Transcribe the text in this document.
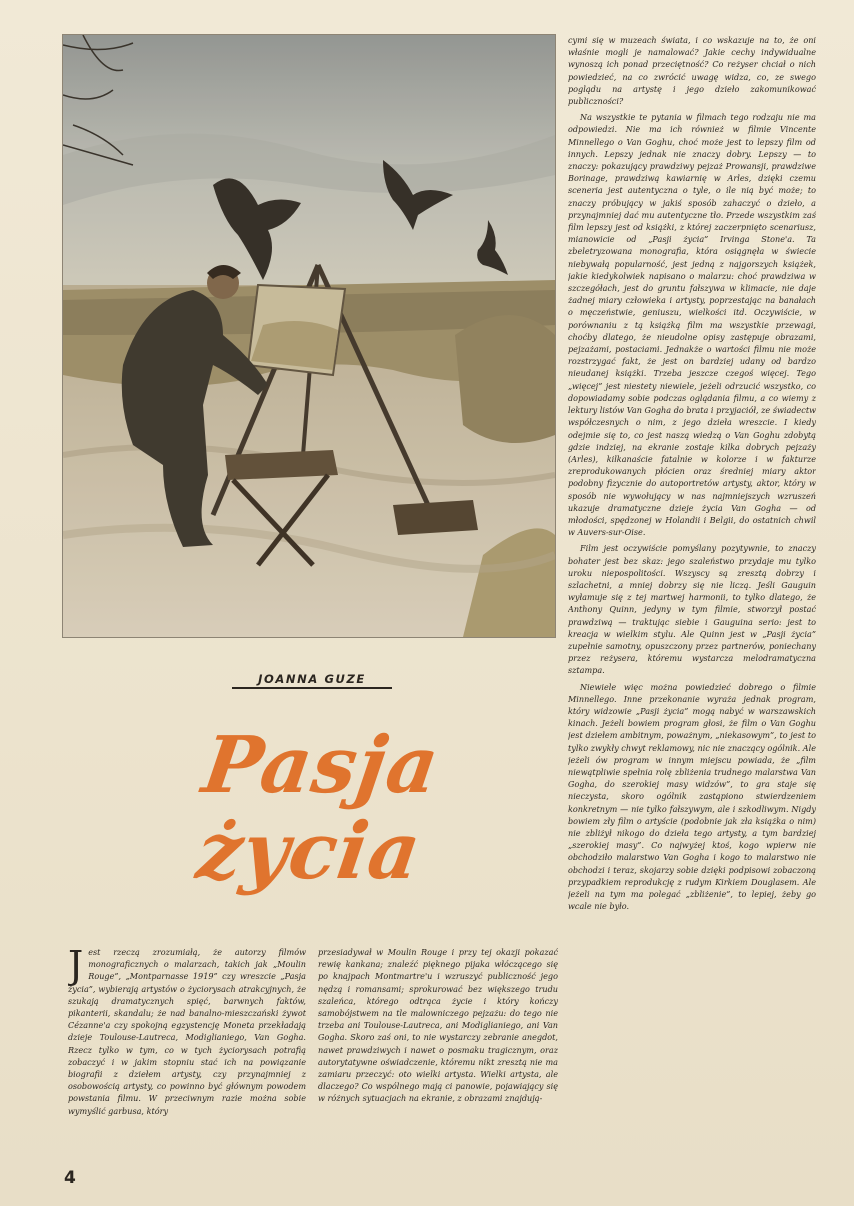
cymi się w muzeach świata, i co wskazuje na to, że oni właśnie mogli je namalować? Jakie cechy indywidualne wynoszą ich ponad przeciętność? Co reżyser chciał o nich powiedzieć, na co zwrócić uwagę widza, co, ze swego poglądu na artystę i jego dzieło zakomunikować publiczności?

Na wszystkie te pytania w filmach tego rodzaju nie ma odpowiedzi. Nie ma ich również w filmie Vincente Minnellego o Van Goghu, choć może jest to lepszy film od innych. Lepszy jednak nie znaczy dobry. Lepszy — to znaczy: pokazujący prawdziwy pejzaż Prowansji, prawdziwe Borinage, prawdziwą kawiarnię w Arles, dzięki czemu sceneria jest autentyczna o tyle, o ile nią być może; to znaczy próbujący w jakiś sposób zahaczyć o dzieło, a przynajmniej dać mu autentyczne tło. Przede wszystkim zaś film lepszy jest od książki, z której zaczerpnięto scenariusz, mianowicie od „Pasji życia” Irvinga Stone'a. Ta zbeletryzowana monografia, która osiągnęła w świecie niebywałą popularność, jest jedną z najgorszych książek, jakie kiedykolwiek napisano o malarzu: choć prawdziwa w szczegółach, jest do gruntu fałszywa w klimacie, nie daje żadnej miary człowieka i artysty, poprzestając na banałach o męczeństwie, geniuszu, wielkości itd. Oczywiście, w porównaniu z tą książką film ma wszystkie przewagi, choćby dlatego, że nieudolne opisy zastępuje obrazami, pejzażami, postaciami. Jednakże o wartości filmu nie może rozstrzygać fakt, że jest on bardziej udany od bardzo nieudanej książki. Trzeba jeszcze czegoś więcej. Tego „więcej” jest niestety niewiele, jeżeli odrzucić wszystko, co dopowiadamy sobie podczas oglądania filmu, a co wiemy z lektury listów Van Gogha do brata i przyjaciół, ze świadectw współczesnych o nim, z jego dzieła wreszcie. I kiedy odejmie się to, co jest naszą wiedzą o Van Goghu zdobytą gdzie indziej, na ekranie zostaje kilka dobrych pejzaży (Arles), kilkanaście fatalnie w kolorze i w fakturze zreprodukowanych płócien oraz średniej miary aktor podobny fizycznie do autoportretów artysty, aktor, który w sposób nie wywołujący w nas najmniejszych wzruszeń ukazuje dramatyczne dzieje życia Van Gogha — od młodości, spędzonej w Holandii i Belgii, do ostatnich chwil w Auvers-sur-Oise.

Film jest oczywiście pomyślany pozytywnie, to znaczy bohater jest bez skaz: jego szaleństwo przydaje mu tylko uroku niepospolitości. Wszyscy są zresztą dobrzy i szlachetni, a mniej dobrzy się nie liczą. Jeśli Gauguin wyłamuje się z tej martwej harmonii, to tylko dlatego, że Anthony Quinn, jedyny w tym filmie, stworzył postać prawdziwą — traktując siebie i Gauguina serio: jest to kreacja w wielkim stylu. Ale Quinn jest w „Pasji życia” zupełnie samotny, opuszczony przez partnerów, poniechany przez reżysera, któremu wystarcza melodramatyczna sztampa.

Niewiele więc można powiedzieć dobrego o filmie Minnellego. Inne przekonanie wyraża jednak program, który widzowie „Pasji życia” mogą nabyć w warszawskich kinach. Jeżeli bowiem program głosi, że film o Van Goghu jest dziełem ambitnym, poważnym, „niekasowym”, to jest to tylko zwykły chwyt reklamowy, nic nie znaczący ogólnik. Ale jeżeli ów program w innym miejscu powiada, że „film niewątpliwie spełnia rolę zbliżenia trudnego malarstwa Van Gogha, do szerokiej masy widzów”, to gra staje się nieczysta, skoro ogólnik zastąpiono stwierdzeniem konkretnym — nie tylko fałszywym, ale i szkodliwym. Nigdy bowiem zły film o artyście (podobnie jak zła książka o nim) nie zbliżył nikogo do dzieła tego artysty, a tym bardziej „szerokiej masy”. Co najwyżej ktoś, kogo wpierw nie obchodziło malarstwo Van Gogha i kogo to malarstwo nie obchodzi i teraz, skojarzy sobie dzięki podpisowi zobaczoną przypadkiem reprodukcję z rudym Kirkiem Douglasem. Ale jeżeli na tym ma polegać „zbliżenie”, to lepiej, żeby go wcale nie było.

JOANNA GUZE
Pasja
życia
J est rzeczą zrozumiałą, że autorzy filmów monograficznych o malarzach, takich jak „Moulin Rouge”, „Montparnasse 1919” czy wreszcie „Pasja życia”, wybierają artystów o życiorysach atrakcyjnych, że szukają dramatycznych spięć, barwnych faktów, pikanterii, skandalu; że nad banalno-mieszczański żywot Cézanne'a czy spokojną egzystencję Moneta przekładają dzieje Toulouse-Lautreca, Modiglianiego, Van Gogha. Rzecz tylko w tym, co w tych życiorysach potrafią zobaczyć i w jakim stopniu stać ich na powiązanie biografii z dziełem artysty, czy przynajmniej z osobowością artysty, co powinno być głównym powodem powstania filmu. W przeciwnym razie można sobie wymyślić garbusa, który
przesiadywał w Moulin Rouge i przy tej okazji pokazać rewię kankana; znaleźć pięknego pijaka włóczącego się po knajpach Montmartre'u i wzruszyć publiczność jego nędzą i romansami; sprokurować bez większego trudu szaleńca, którego odtrąca życie i który kończy samobójstwem na tle malowniczego pejzażu: do tego nie trzeba ani Toulouse-Lautreca, ani Modiglianiego, ani Van Gogha. Skoro zaś oni, to nie wystarczy zebranie anegdot, nawet prawdziwych i nawet o posmaku tragicznym, oraz autorytatywne oświadczenie, któremu nikt zresztą nie ma zamiaru przeczyć: oto wielki artysta. Wielki artysta, ale dlaczego? Co wspólnego mają ci panowie, pojawiający się w różnych sytuacjach na ekranie, z obrazami znajdują-
4
